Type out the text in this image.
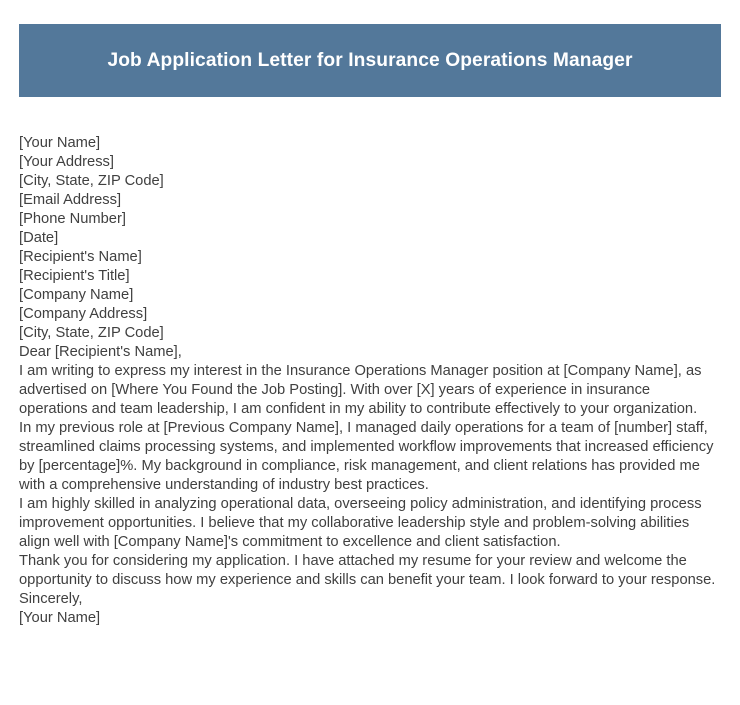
Job Application Letter for Insurance Operations Manager
[Your Name]
[Your Address]
[City, State, ZIP Code]
[Email Address]
[Phone Number]
[Date]
[Recipient's Name]
[Recipient's Title]
[Company Name]
[Company Address]
[City, State, ZIP Code]
Dear [Recipient's Name],
I am writing to express my interest in the Insurance Operations Manager position at [Company Name], as advertised on [Where You Found the Job Posting]. With over [X] years of experience in insurance operations and team leadership, I am confident in my ability to contribute effectively to your organization.
In my previous role at [Previous Company Name], I managed daily operations for a team of [number] staff, streamlined claims processing systems, and implemented workflow improvements that increased efficiency by [percentage]%. My background in compliance, risk management, and client relations has provided me with a comprehensive understanding of industry best practices.
I am highly skilled in analyzing operational data, overseeing policy administration, and identifying process improvement opportunities. I believe that my collaborative leadership style and problem-solving abilities align well with [Company Name]'s commitment to excellence and client satisfaction.
Thank you for considering my application. I have attached my resume for your review and welcome the opportunity to discuss how my experience and skills can benefit your team. I look forward to your response.
Sincerely,
[Your Name]
